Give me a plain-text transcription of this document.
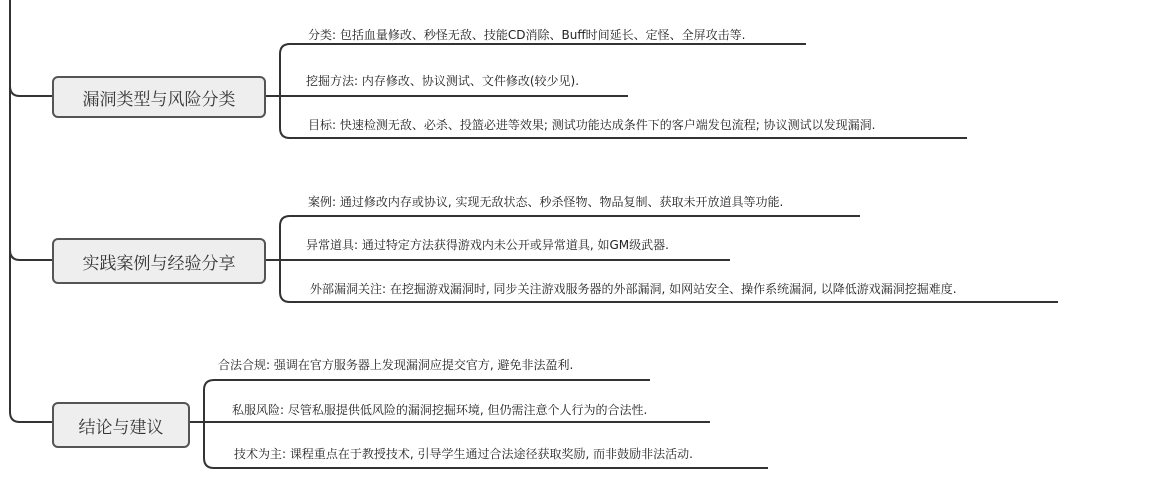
漏洞类型与风险分类
分类: 包括血量修改、秒怪无敌、技能CD消除、Buff时间延长、定怪、全屏攻击等.
挖掘方法: 内存修改、协议测试、文件修改(较少见).
目标: 快速检测无敌、必杀、投篮必进等效果; 测试功能达成条件下的客户端发包流程; 协议测试以发现漏洞.
实践案例与经验分享
案例: 通过修改内存或协议, 实现无敌状态、秒杀怪物、物品复制、获取未开放道具等功能.
异常道具: 通过特定方法获得游戏内未公开或异常道具, 如GM级武器.
外部漏洞关注: 在挖掘游戏漏洞时, 同步关注游戏服务器的外部漏洞, 如网站安全、操作系统漏洞, 以降低游戏漏洞挖掘难度.
结论与建议
合法合规: 强调在官方服务器上发现漏洞应提交官方, 避免非法盈利.
私服风险: 尽管私服提供低风险的漏洞挖掘环境, 但仍需注意个人行为的合法性.
技术为主: 课程重点在于教授技术, 引导学生通过合法途径获取奖励, 而非鼓励非法活动.
